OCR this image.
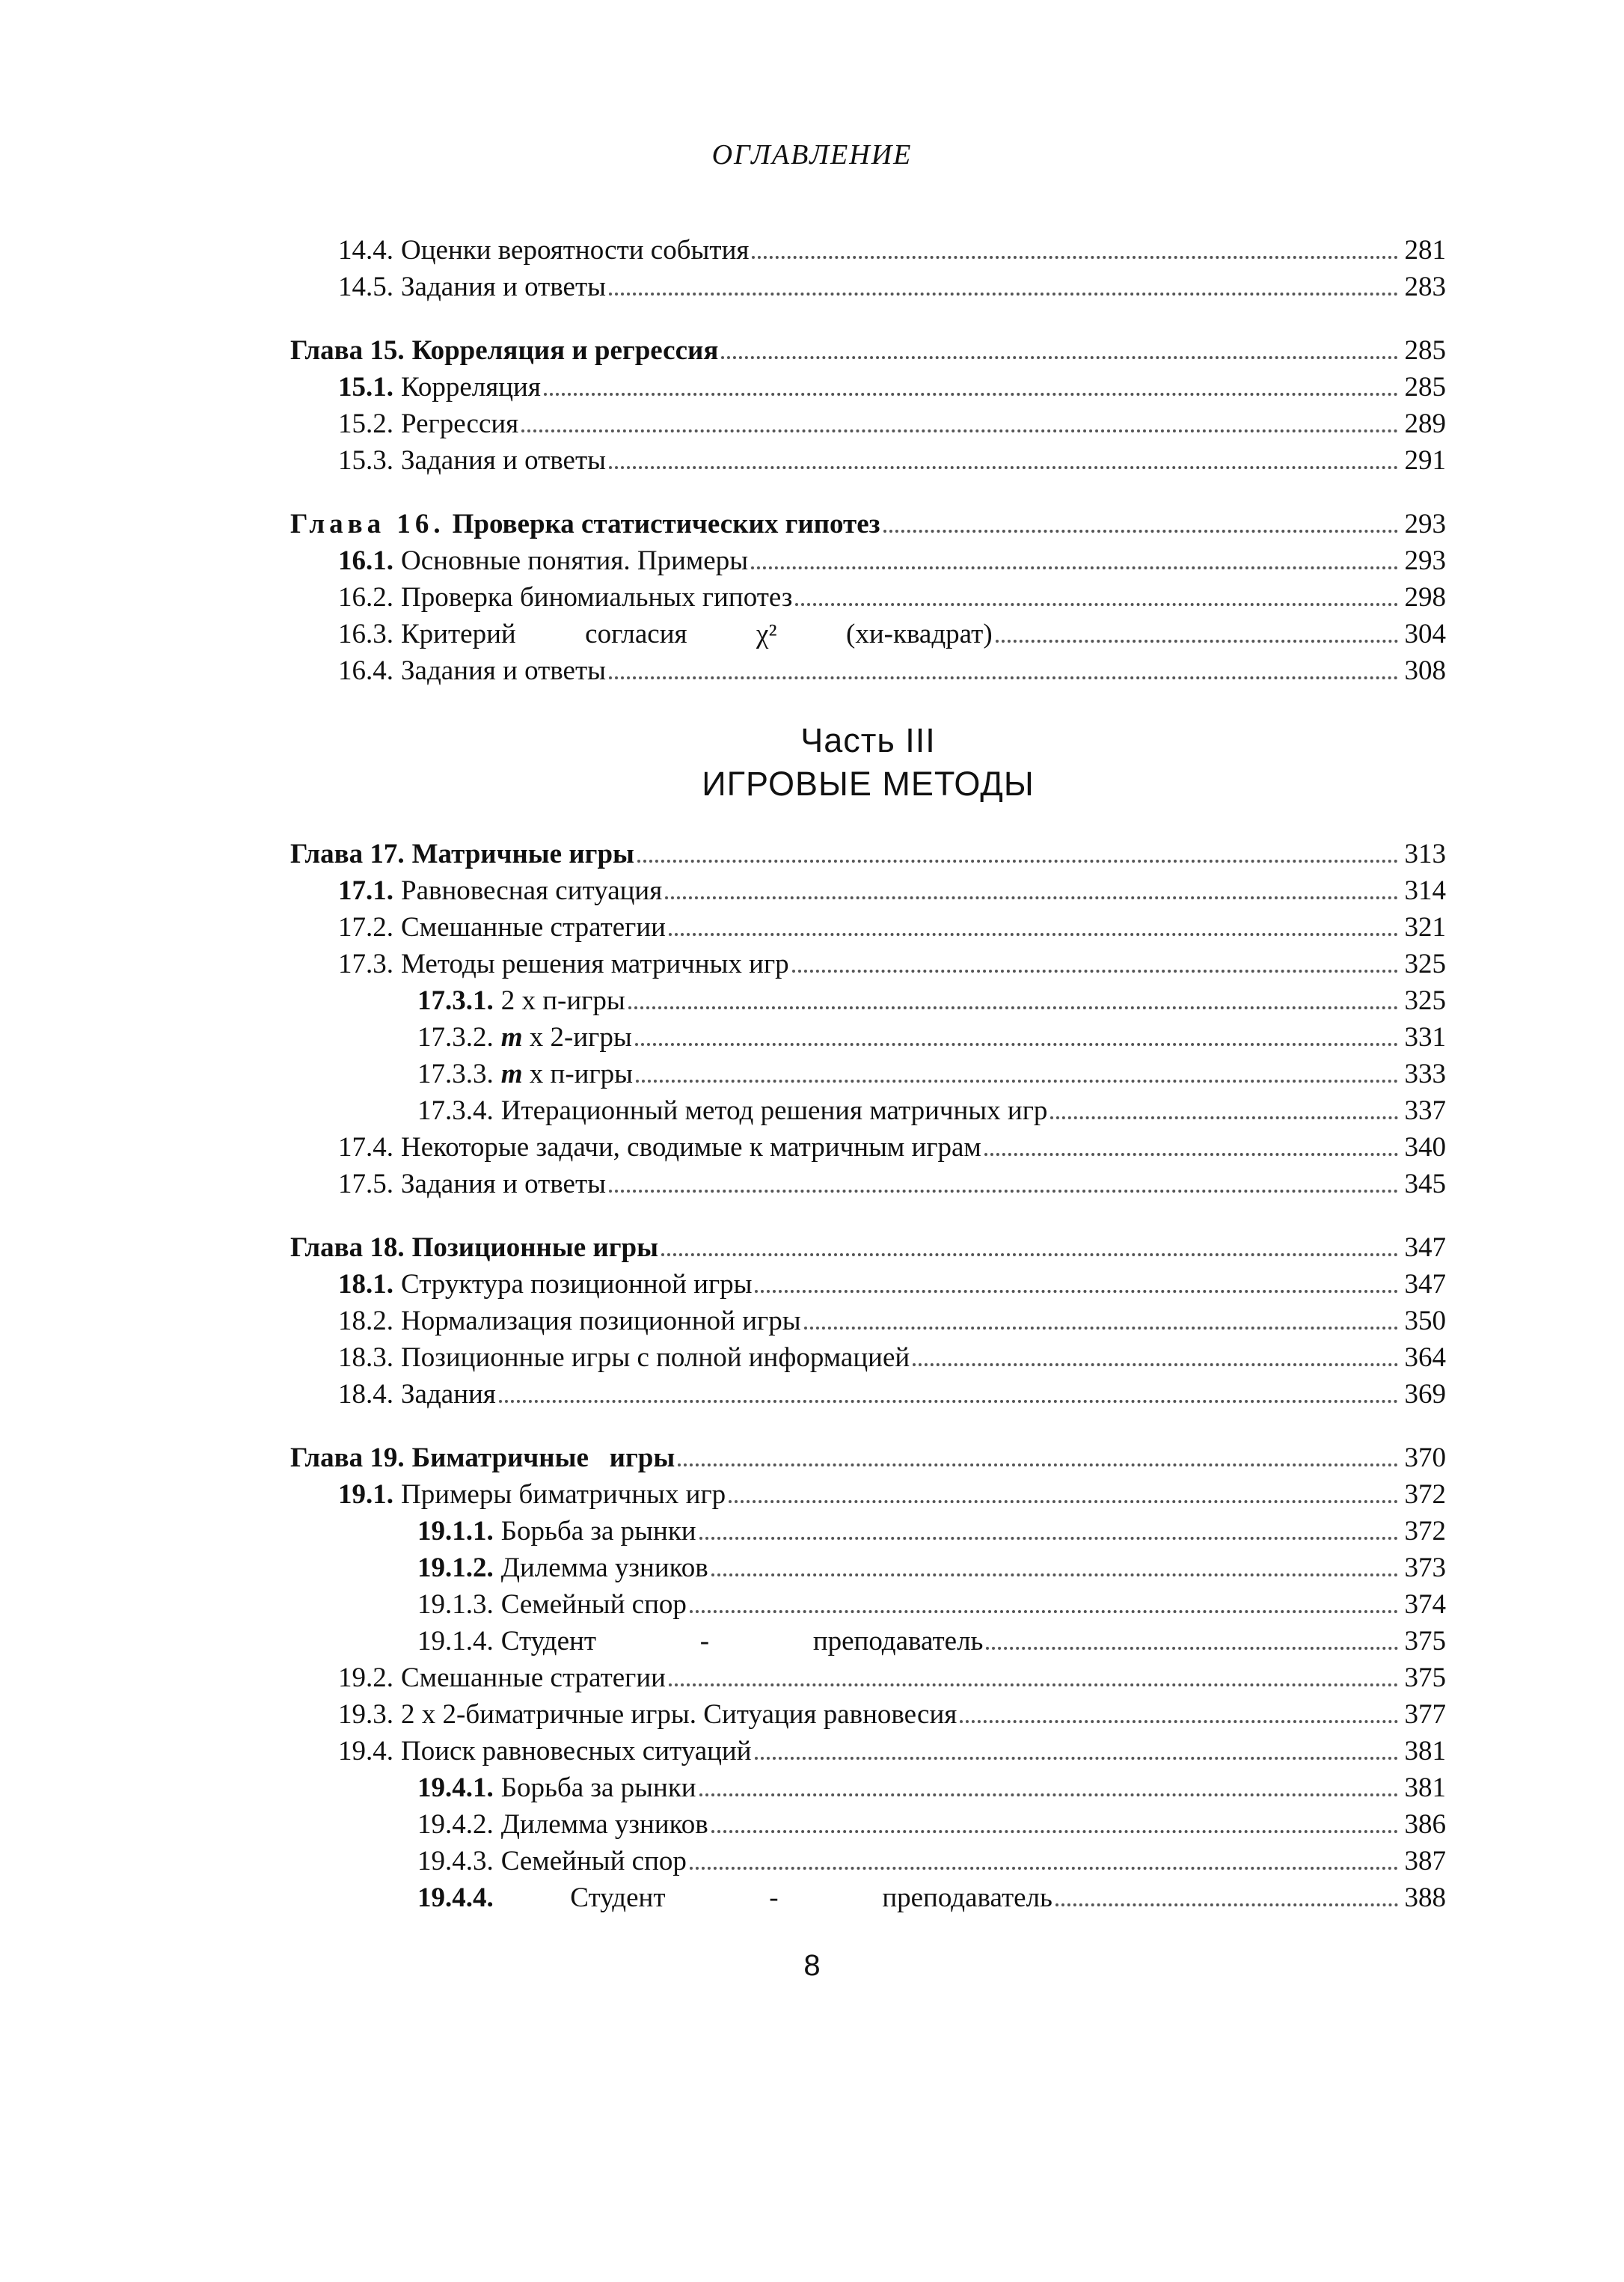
ОГЛАВЛЕНИЕ
14.4. Оценки вероятности события	281
14.5. Задания и ответы	283
Глава 15. Корреляция и регрессия	285
15.1. Корреляция	285
15.2. Регрессия	289
15.3. Задания и ответы	291
Глава 16. Проверка статистических гипотез	293
16.1. Основные понятия. Примеры	293
16.2. Проверка биномиальных гипотез	298
16.3. Критерий          согласия          χ²          (хи-квадрат)	304
16.4. Задания и ответы	308
Часть III
ИГРОВЫЕ МЕТОДЫ
Глава 17. Матричные игры	313
17.1. Равновесная ситуация	314
17.2. Смешанные стратегии	321
17.3. Методы решения матричных игр	325
17.3.1. 2 х п-игры	325
17.3.2. m х 2-игры	331
17.3.3. m х п-игры	333
17.3.4. Итерационный метод решения матричных игр	337
17.4. Некоторые задачи, сводимые к матричным играм	340
17.5. Задания и ответы	345
Глава 18. Позиционные игры	347
18.1. Структура позиционной игры	347
18.2. Нормализация позиционной игры	350
18.3. Позиционные игры с полной информацией	364
18.4. Задания	369
Глава 19. Биматричные   игры	370
19.1. Примеры биматричных игр	372
19.1.1. Борьба за рынки	372
19.1.2. Дилемма узников	373
19.1.3. Семейный спор	374
19.1.4. Студент               -               преподаватель	375
19.2. Смешанные стратегии	375
19.3. 2 х 2-биматричные игры. Ситуация равновесия	377
19.4. Поиск равновесных ситуаций	381
19.4.1. Борьба за рынки	381
19.4.2. Дилемма узников	386
19.4.3. Семейный спор	387
19.4.4. Студент               -               преподаватель	388
8
